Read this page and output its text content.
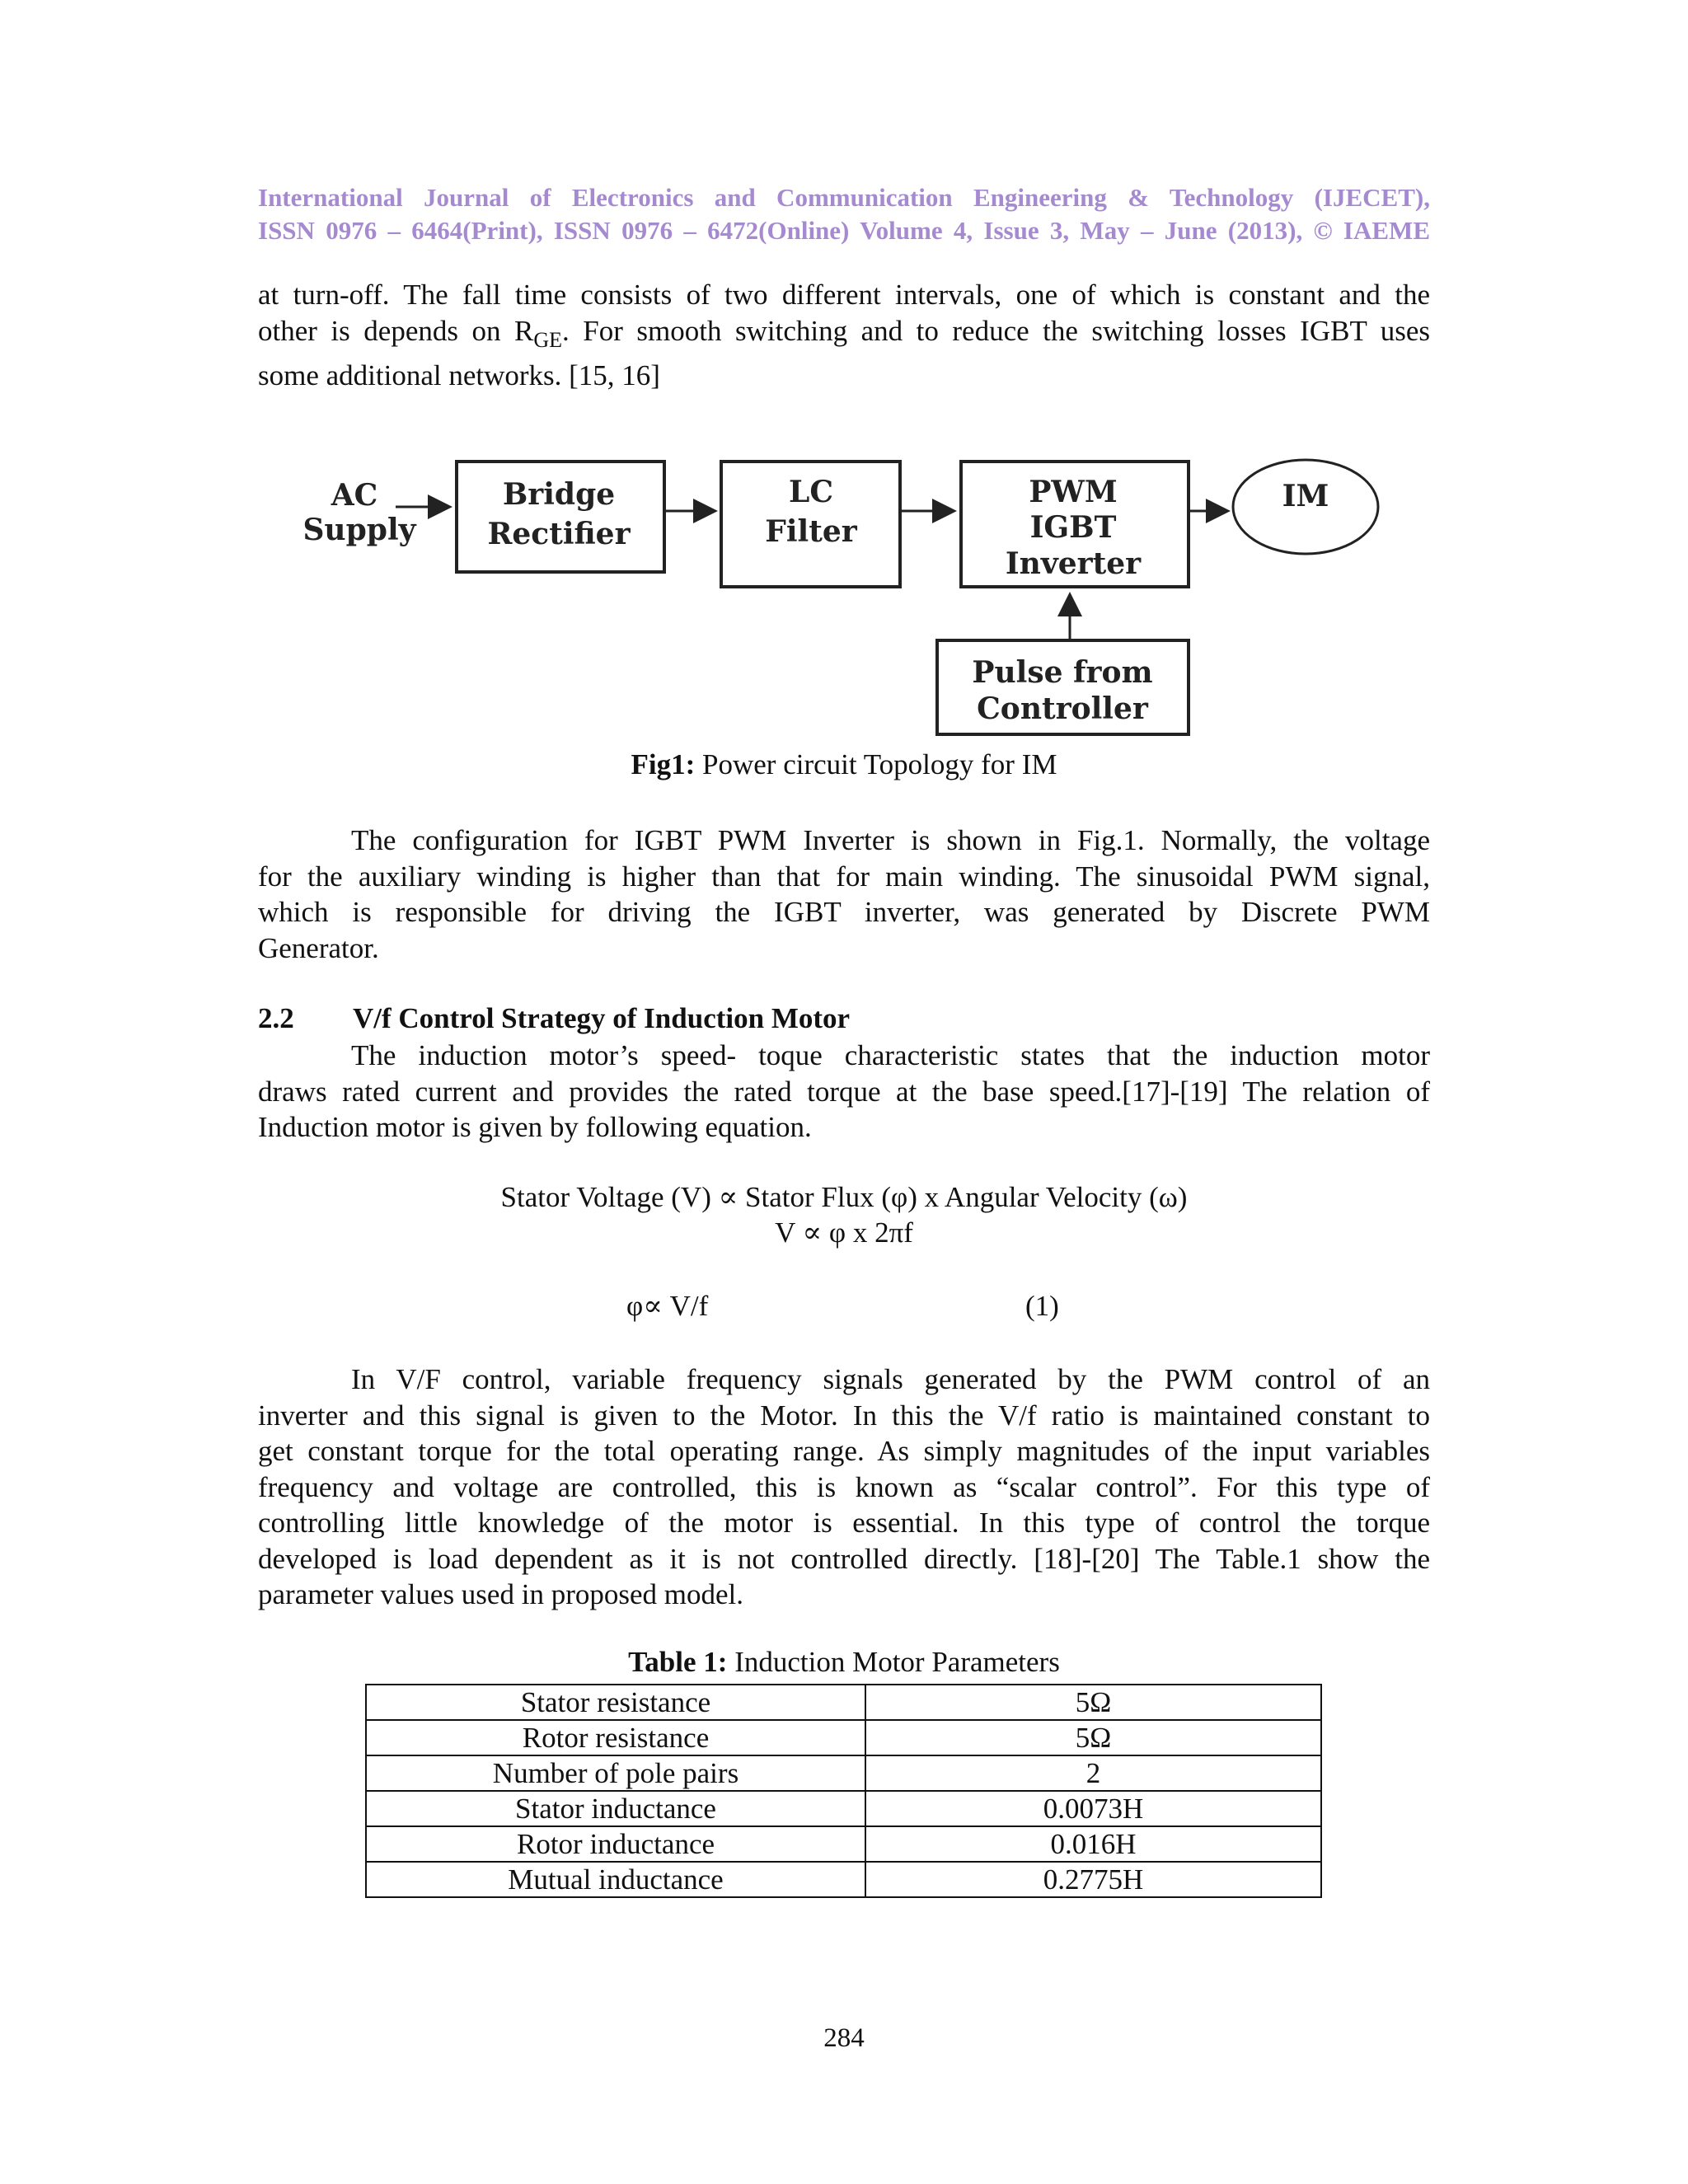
International Journal of Electronics and Communication Engineering & Technology (IJECET),
ISSN 0976 – 6464(Print), ISSN 0976 – 6472(Online) Volume 4, Issue 3, May – June (2013), © IAEME
at turn-off. The fall time consists of two different intervals, one of which is constant and the
other is depends on $R_{GE}$. For smooth switching and to reduce the switching losses IGBT uses
some additional networks. [15, 16]
AC
Supply
Bridge
Rectifier
LC
Filter
PWM
IGBT
Inverter
IM
Pulse from
Controller
Fig1: Power circuit Topology for IM
The configuration for IGBT PWM Inverter is shown in Fig.1. Normally, the voltage
for the auxiliary winding is higher than that for main winding. The sinusoidal PWM signal,
which is responsible for driving the IGBT inverter, was generated by Discrete PWM
Generator.
2.2 V/f Control Strategy of Induction Motor
The induction motor’s speed- toque characteristic states that the induction motor
draws rated current and provides the rated torque at the base speed.[17]-[19] The relation of
Induction motor is given by following equation.
Stator Voltage (V) ∝ Stator Flux (φ) x Angular Velocity (ω)
V ∝ φ x 2πf
φ∝ V/f	(1)
In V/F control, variable frequency signals generated by the PWM control of an
inverter and this signal is given to the Motor. In this the V/f ratio is maintained constant to
get constant torque for the total operating range. As simply magnitudes of the input variables
frequency and voltage are controlled, this is known as “scalar control”. For this type of
controlling little knowledge of the motor is essential. In this type of control the torque
developed is load dependent as it is not controlled directly. [18]-[20] The Table.1 show the
parameter values used in proposed model.
Table 1: Induction Motor Parameters
Stator resistance	5Ω
Rotor resistance	5Ω
Number of pole pairs	2
Stator inductance	0.0073H
Rotor inductance	0.016H
Mutual inductance	0.2775H
284
